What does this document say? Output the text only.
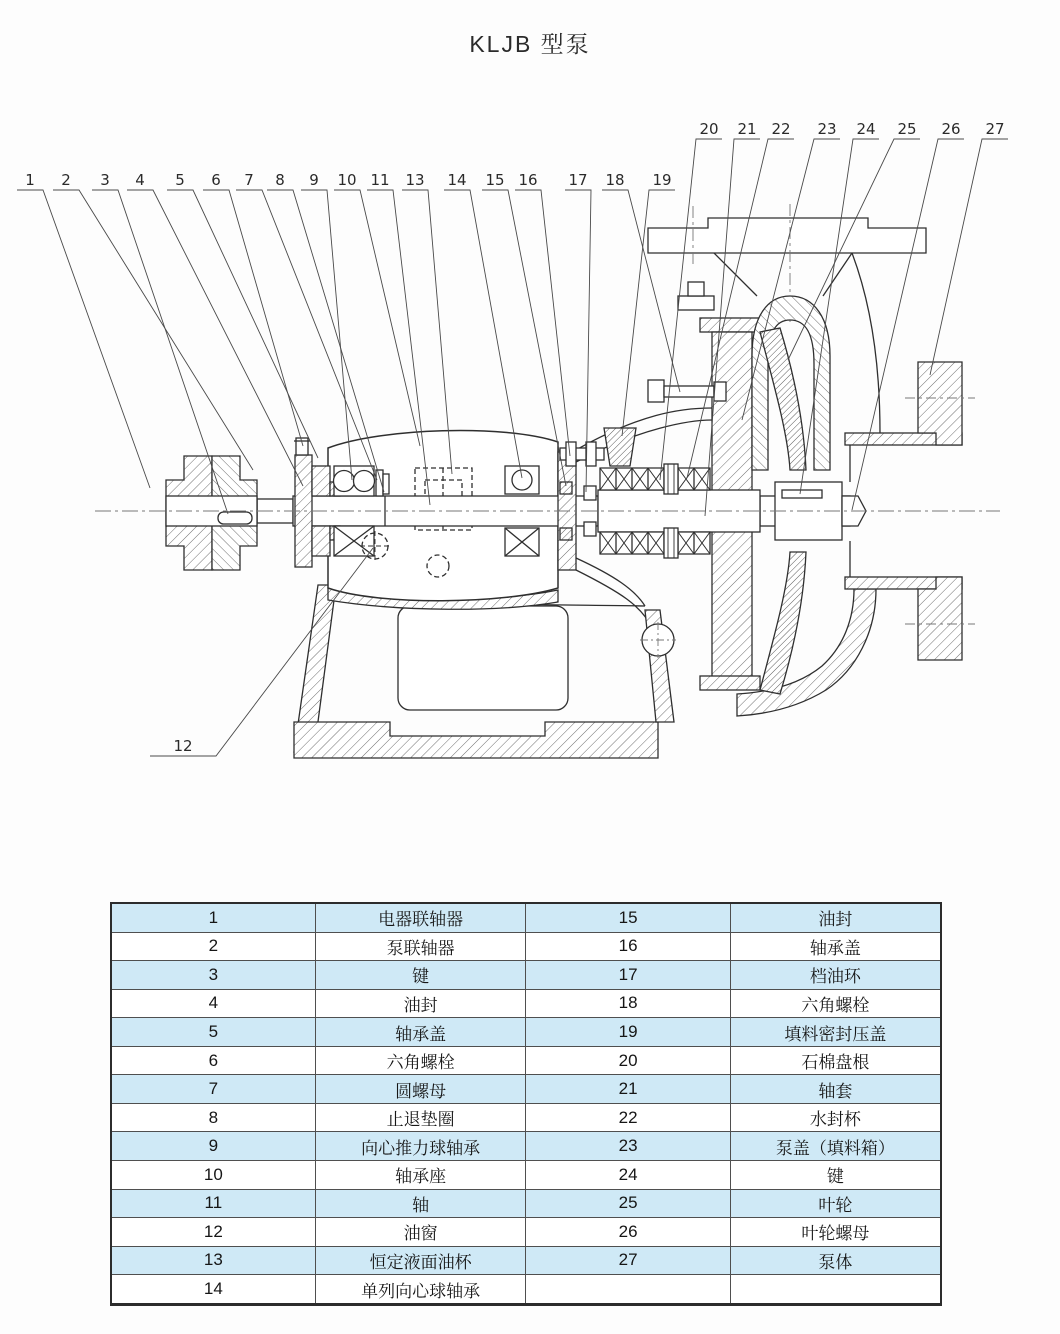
KLJB 型泵
1 2 3 4 5 6 7 8 9 10 11 13 14 15 16 17 18 19
20 21 22 23 24 25 26 27
12
1	电器联轴器	15	油封
2	泵联轴器	16	轴承盖
3	键	17	档油环
4	油封	18	六角螺栓
5	轴承盖	19	填料密封压盖
6	六角螺栓	20	石棉盘根
7	圆螺母	21	轴套
8	止退垫圈	22	水封杯
9	向心推力球轴承	23	泵盖（填料箱）
10	轴承座	24	键
11	轴	25	叶轮
12	油窗	26	叶轮螺母
13	恒定液面油杯	27	泵体
14	单列向心球轴承		
